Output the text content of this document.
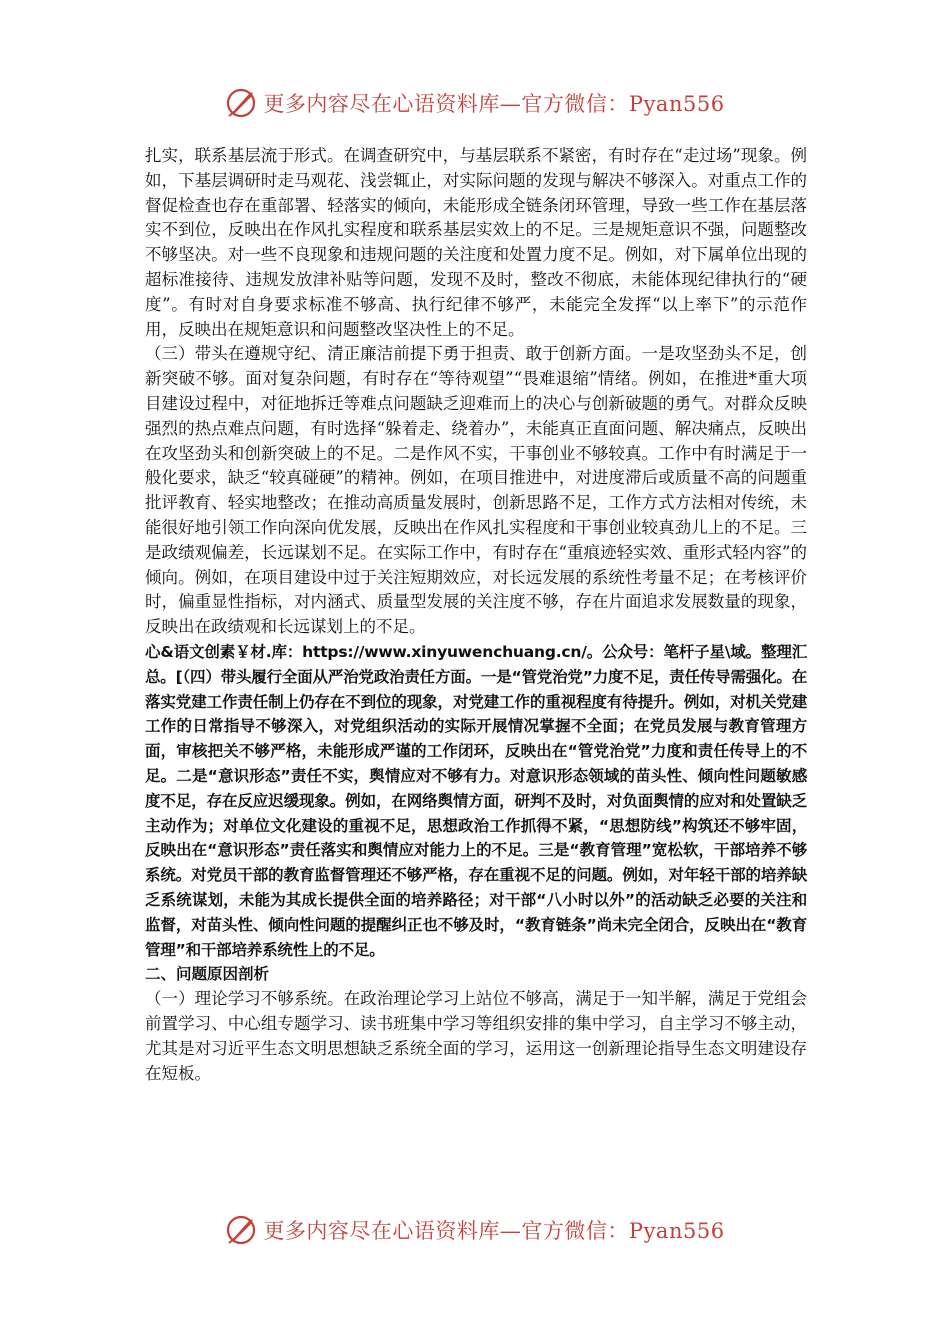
更多内容尽在心语资料库—官方微信：Pyan556

扎实，联系基层流于形式。在调查研究中，与基层联系不紧密，有时存在“走过场”现象。例如，下基层调研时走马观花、浅尝辄止，对实际问题的发现与解决不够深入。对重点工作的督促检查也存在重部署、轻落实的倾向，未能形成全链条闭环管理，导致一些工作在基层落实不到位，反映出在作风扎实程度和联系基层实效上的不足。三是规矩意识不强，问题整改不够坚决。对一些不良现象和违规问题的关注度和处置力度不足。例如，对下属单位出现的超标准接待、违规发放津补贴等问题，发现不及时，整改不彻底，未能体现纪律执行的“硬度”。有时对自身要求标准不够高、执行纪律不够严，未能完全发挥“以上率下”的示范作用，反映出在规矩意识和问题整改坚决性上的不足。

（三）带头在遵规守纪、清正廉洁前提下勇于担责、敢于创新方面。一是攻坚劲头不足，创新突破不够。面对复杂问题，有时存在“等待观望”“畏难退缩”情绪。例如，在推进*重大项目建设过程中，对征地拆迁等难点问题缺乏迎难而上的决心与创新破题的勇气。对群众反映强烈的热点难点问题，有时选择“躲着走、绕着办”，未能真正直面问题、解决痛点，反映出在攻坚劲头和创新突破上的不足。二是作风不实，干事创业不够较真。工作中有时满足于一般化要求，缺乏“较真碰硬”的精神。例如，在项目推进中，对进度滞后或质量不高的问题重批评教育、轻实地整改；在推动高质量发展时，创新思路不足，工作方式方法相对传统，未能很好地引领工作向深向优发展，反映出在作风扎实程度和干事创业较真劲儿上的不足。三是政绩观偏差，长远谋划不足。在实际工作中，有时存在“重痕迹轻实效、重形式轻内容”的倾向。例如，在项目建设中过于关注短期效应，对长远发展的系统性考量不足；在考核评价时，偏重显性指标，对内涵式、质量型发展的关注度不够，存在片面追求发展数量的现象，反映出在政绩观和长远谋划上的不足。

心&语文创素￥材.库：https://www.xinyuwenchuang.cn/。公众号：笔杆子星\域。整理汇总。[（四）带头履行全面从严治党政治责任方面。一是“管党治党”力度不足，责任传导需强化。在落实党建工作责任制上仍存在不到位的现象，对党建工作的重视程度有待提升。例如，对机关党建工作的日常指导不够深入，对党组织活动的实际开展情况掌握不全面；在党员发展与教育管理方面，审核把关不够严格，未能形成严谨的工作闭环，反映出在“管党治党”力度和责任传导上的不足。二是“意识形态”责任不实，舆情应对不够有力。对意识形态领域的苗头性、倾向性问题敏感度不足，存在反应迟缓现象。例如，在网络舆情方面，研判不及时，对负面舆情的应对和处置缺乏主动作为；对单位文化建设的重视不足，思想政治工作抓得不紧，“思想防线”构筑还不够牢固，反映出在“意识形态”责任落实和舆情应对能力上的不足。三是“教育管理”宽松软，干部培养不够系统。对党员干部的教育监督管理还不够严格，存在重视不足的问题。例如，对年轻干部的培养缺乏系统谋划，未能为其成长提供全面的培养路径；对干部“八小时以外”的活动缺乏必要的关注和监督，对苗头性、倾向性问题的提醒纠正也不够及时，“教育链条”尚未完全闭合，反映出在“教育管理”和干部培养系统性上的不足。

二、问题原因剖析

（一）理论学习不够系统。在政治理论学习上站位不够高，满足于一知半解，满足于党组会前置学习、中心组专题学习、读书班集中学习等组织安排的集中学习，自主学习不够主动，尤其是对习近平生态文明思想缺乏系统全面的学习，运用这一创新理论指导生态文明建设存在短板。

更多内容尽在心语资料库—官方微信：Pyan556
